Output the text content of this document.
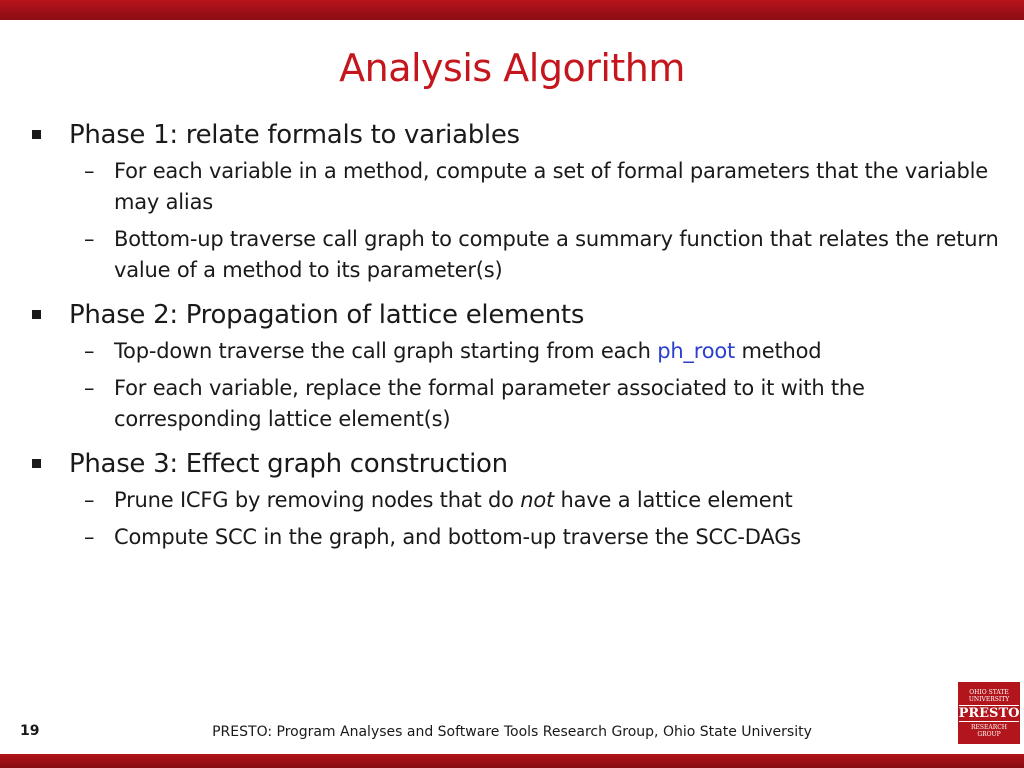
Analysis Algorithm
Phase 1: relate formals to variables
– For each variable in a method, compute a set of formal parameters that the variable may alias
– Bottom-up traverse call graph to compute a summary function that relates the return value of a method to its parameter(s)
Phase 2: Propagation of lattice elements
– Top-down traverse the call graph starting from each ph_root method
– For each variable, replace the formal parameter associated to it with the corresponding lattice element(s)
Phase 3: Effect graph construction
– Prune ICFG by removing nodes that do not have a lattice element
– Compute SCC in the graph, and bottom-up traverse the SCC-DAGs
19	PRESTO: Program Analyses and Software Tools Research Group, Ohio State University
OHIO STATE
UNIVERSITY
PRESTO
RESEARCH
GROUP
